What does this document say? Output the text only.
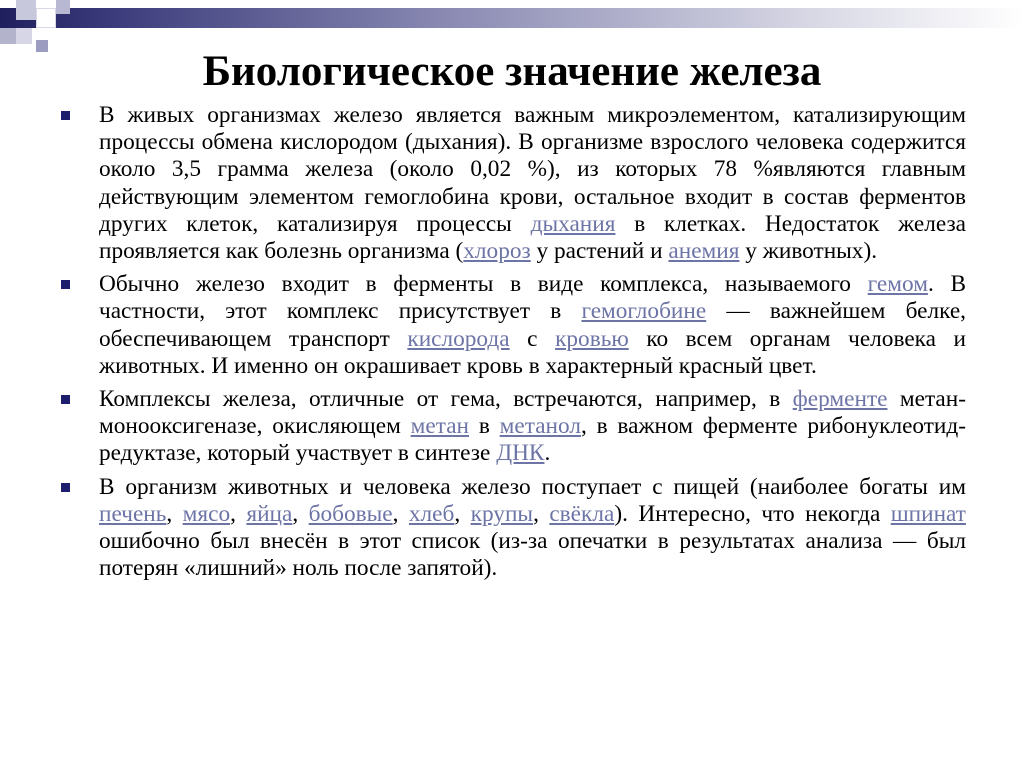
Биологическое значение железа
В живых организмах железо является важным микроэлементом, катализирующим процессы обмена кислородом (дыхания). В организме взрослого человека содержится около 3,5 грамма железа (около 0,02 %), из которых 78 %являются главным действующим элементом гемоглобина крови, остальное входит в состав ферментов других клеток, катализируя процессы дыхания в клетках. Недостаток железа проявляется как болезнь организма (хлороз у растений и анемия у животных).
Обычно железо входит в ферменты в виде комплекса, называемого гемом. В частности, этот комплекс присутствует в гемоглобине — важнейшем белке, обеспечивающем транспорт кислорода с кровью ко всем органам человека и животных. И именно он окрашивает кровь в характерный красный цвет.
Комплексы железа, отличные от гема, встречаются, например, в ферменте метан-монооксигеназе, окисляющем метан в метанол, в важном ферменте рибонуклеотид-редуктазе, который участвует в синтезе ДНК.
В организм животных и человека железо поступает с пищей (наиболее богаты им печень, мясо, яйца, бобовые, хлеб, крупы, свёкла). Интересно, что некогда шпинат ошибочно был внесён в этот список (из-за опечатки в результатах анализа — был потерян «лишний» ноль после запятой).
